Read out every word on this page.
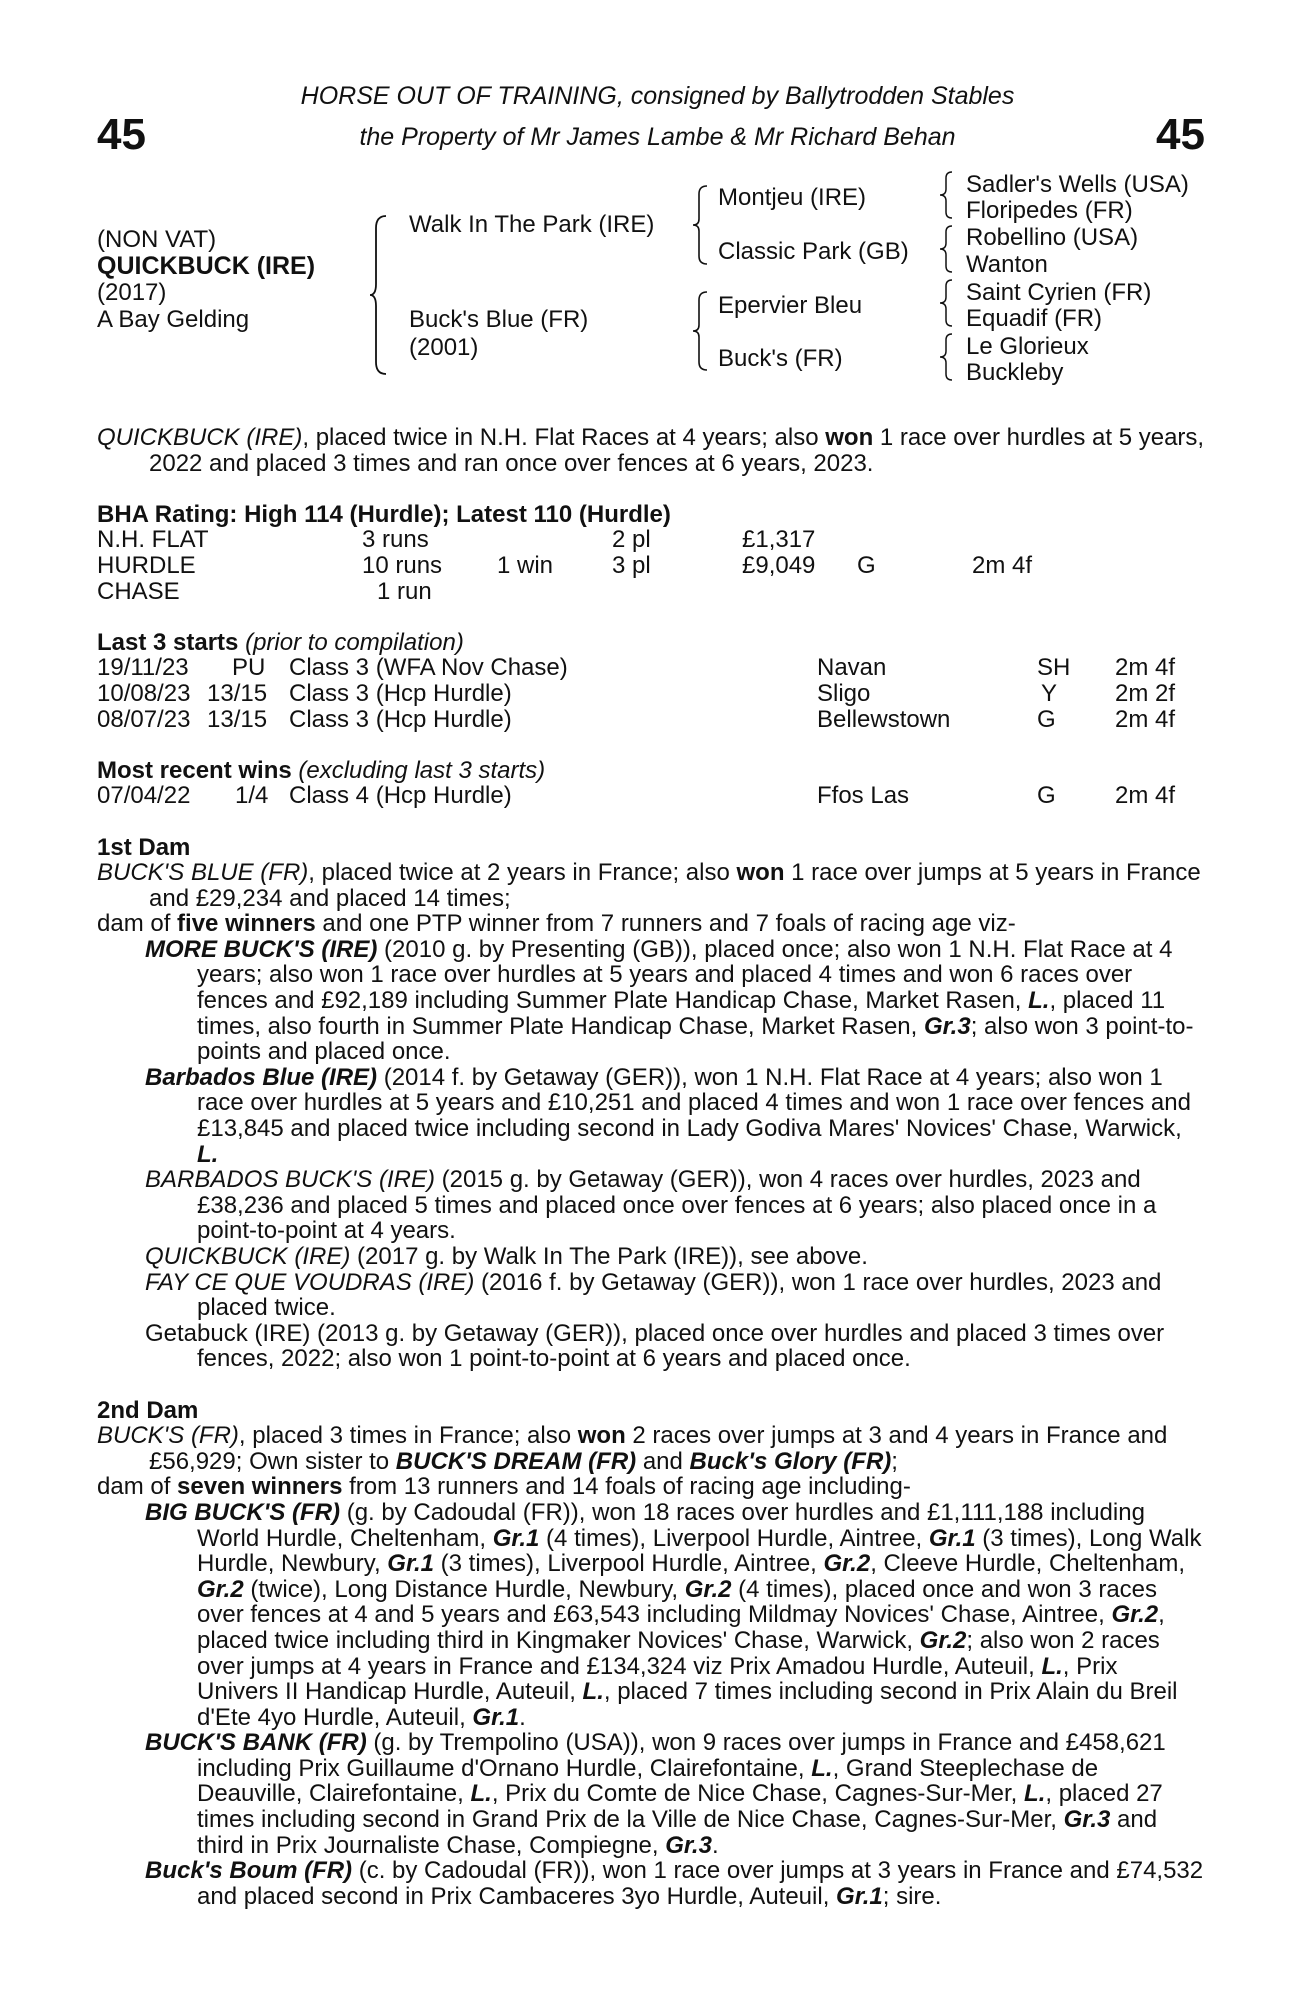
45	45
HORSE OUT OF TRAINING, consigned by Ballytrodden Stables
the Property of Mr James Lambe & Mr Richard Behan
(NON VAT)
QUICKBUCK (IRE)
(2017)
A Bay Gelding
Walk In The Park (IRE)
Buck's Blue (FR)
(2001)
Montjeu (IRE)
Classic Park (GB)
Epervier Bleu
Buck's (FR)
Sadler's Wells (USA)
Floripedes (FR)
Robellino (USA)
Wanton
Saint Cyrien (FR)
Equadif (FR)
Le Glorieux
Buckleby

QUICKBUCK (IRE), placed twice in N.H. Flat Races at 4 years; also won 1 race over hurdles at 5 years, 2022 and placed 3 times and ran once over fences at 6 years, 2023.

BHA Rating: High 114 (Hurdle); Latest 110 (Hurdle)
N.H. FLAT	3 runs	2 pl	£1,317
HURDLE	10 runs 1 win 3 pl	£9,049 G	2m 4f
CHASE	1 run
Last 3 starts (prior to compilation)
19/11/23 PU Class 3 (WFA Nov Chase)	Navan	SH 2m 4f
10/08/23 13/15 Class 3 (Hcp Hurdle)	Sligo	Y 2m 2f
08/07/23 13/15 Class 3 (Hcp Hurdle)	Bellewstown	G 2m 4f
Most recent wins (excluding last 3 starts)
07/04/22 1/4 Class 4 (Hcp Hurdle)	Ffos Las	G 2m 4f
1st Dam

BUCK'S BLUE (FR), placed twice at 2 years in France; also won 1 race over jumps at 5 years in France and £29,234 and placed 14 times;

dam of five winners and one PTP winner from 7 runners and 7 foals of racing age viz-

MORE BUCK'S (IRE) (2010 g. by Presenting (GB)), placed once; also won 1 N.H. Flat Race at 4 years; also won 1 race over hurdles at 5 years and placed 4 times and won 6 races over fences and £92,189 including Summer Plate Handicap Chase, Market Rasen, L., placed 11 times, also fourth in Summer Plate Handicap Chase, Market Rasen, Gr.3; also won 3 point-to-points and placed once.

Barbados Blue (IRE) (2014 f. by Getaway (GER)), won 1 N.H. Flat Race at 4 years; also won 1 race over hurdles at 5 years and £10,251 and placed 4 times and won 1 race over fences and £13,845 and placed twice including second in Lady Godiva Mares' Novices' Chase, Warwick, L.

BARBADOS BUCK'S (IRE) (2015 g. by Getaway (GER)), won 4 races over hurdles, 2023 and £38,236 and placed 5 times and placed once over fences at 6 years; also placed once in a point-to-point at 4 years.

QUICKBUCK (IRE) (2017 g. by Walk In The Park (IRE)), see above.

FAY CE QUE VOUDRAS (IRE) (2016 f. by Getaway (GER)), won 1 race over hurdles, 2023 and placed twice.

Getabuck (IRE) (2013 g. by Getaway (GER)), placed once over hurdles and placed 3 times over fences, 2022; also won 1 point-to-point at 6 years and placed once.

2nd Dam

BUCK'S (FR), placed 3 times in France; also won 2 races over jumps at 3 and 4 years in France and £56,929; Own sister to BUCK'S DREAM (FR) and Buck's Glory (FR);

dam of seven winners from 13 runners and 14 foals of racing age including-

BIG BUCK'S (FR) (g. by Cadoudal (FR)), won 18 races over hurdles and £1,111,188 including World Hurdle, Cheltenham, Gr.1 (4 times), Liverpool Hurdle, Aintree, Gr.1 (3 times), Long Walk Hurdle, Newbury, Gr.1 (3 times), Liverpool Hurdle, Aintree, Gr.2, Cleeve Hurdle, Cheltenham, Gr.2 (twice), Long Distance Hurdle, Newbury, Gr.2 (4 times), placed once and won 3 races over fences at 4 and 5 years and £63,543 including Mildmay Novices' Chase, Aintree, Gr.2, placed twice including third in Kingmaker Novices' Chase, Warwick, Gr.2; also won 2 races over jumps at 4 years in France and £134,324 viz Prix Amadou Hurdle, Auteuil, L., Prix Univers II Handicap Hurdle, Auteuil, L., placed 7 times including second in Prix Alain du Breil d'Ete 4yo Hurdle, Auteuil, Gr.1.

BUCK'S BANK (FR) (g. by Trempolino (USA)), won 9 races over jumps in France and £458,621 including Prix Guillaume d'Ornano Hurdle, Clairefontaine, L., Grand Steeplechase de Deauville, Clairefontaine, L., Prix du Comte de Nice Chase, Cagnes-Sur-Mer, L., placed 27 times including second in Grand Prix de la Ville de Nice Chase, Cagnes-Sur-Mer, Gr.3 and third in Prix Journaliste Chase, Compiegne, Gr.3.

Buck's Boum (FR) (c. by Cadoudal (FR)), won 1 race over jumps at 3 years in France and £74,532 and placed second in Prix Cambaceres 3yo Hurdle, Auteuil, Gr.1; sire.
